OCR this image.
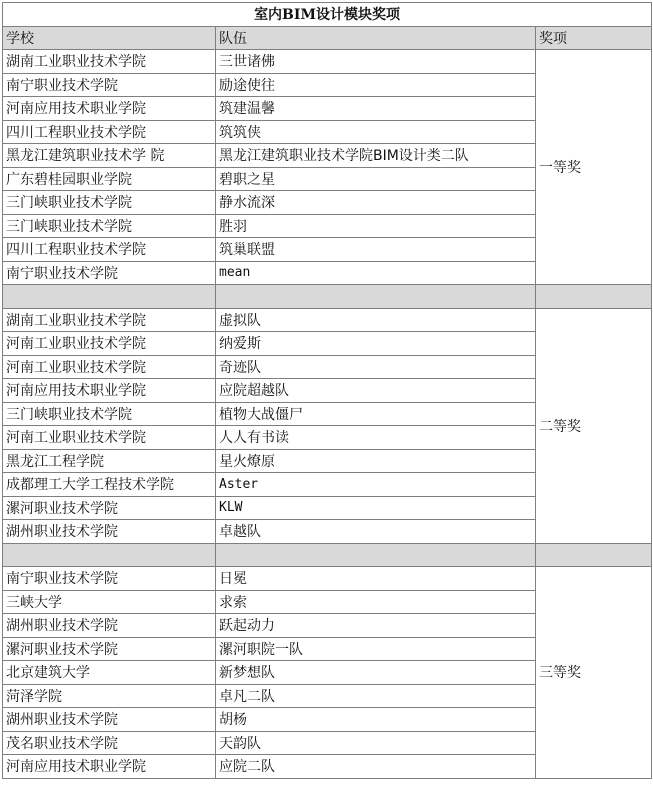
室内BIM设计模块奖项		
学校	队伍	奖项
湖南工业职业技术学院	三世诸佛	一等奖
南宁职业技术学院	励途使往	
河南应用技术职业学院	筑建温馨	
四川工程职业技术学院	筑筑侠	
黑龙江建筑职业技术学 院	黑龙江建筑职业技术学院BIM设计类二队	
广东碧桂园职业学院	碧职之星	
三门峡职业技术学院	静水流深	
三门峡职业技术学院	胜羽	
四川工程职业技术学院	筑巢联盟	
南宁职业技术学院	mean	

湖南工业职业技术学院	虚拟队	二等奖
河南工业职业技术学院	纳爱斯	
河南工业职业技术学院	奇迹队	
河南应用技术职业学院	应院超越队	
三门峡职业技术学院	植物大战僵尸	
河南工业职业技术学院	人人有书读	
黑龙江工程学院	星火燎原	
成都理工大学工程技术学院	Aster	
漯河职业技术学院	KLW	
湖州职业技术学院	卓越队	

南宁职业技术学院	日冕	三等奖
三峡大学	求索	
湖州职业技术学院	跃起动力	
漯河职业技术学院	漯河职院一队	
北京建筑大学	新梦想队	
菏泽学院	卓凡二队	
湖州职业技术学院	胡杨	
茂名职业技术学院	天韵队	
河南应用技术职业学院	应院二队	
